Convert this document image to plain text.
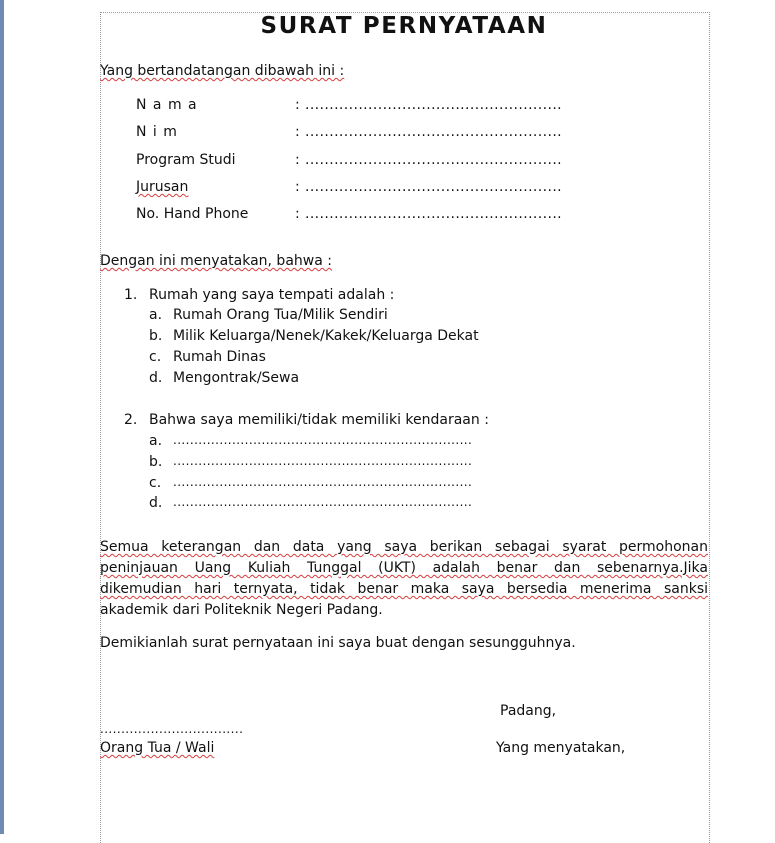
SURAT PERNYATAAN
Yang bertandatangan dibawah ini :
N a m a	: .....................................................
N i m	: .....................................................
Program Studi	: .....................................................
Jurusan	: .....................................................
No. Hand Phone	: .....................................................
Dengan ini menyatakan, bahwa :
1. Rumah yang saya tempati adalah :
a. Rumah Orang Tua/Milik Sendiri
b. Milik Keluarga/Nenek/Kakek/Keluarga Dekat
c. Rumah Dinas
d. Mengontrak/Sewa
2. Bahwa saya memiliki/tidak memiliki kendaraan :
a. .......................................................................
b. .......................................................................
c. .......................................................................
d. .......................................................................
Semua keterangan dan data yang saya berikan sebagai syarat permohonan
peninjauan Uang Kuliah Tunggal (UKT) adalah benar dan sebenarnya.Jika
dikemudian hari ternyata, tidak benar maka saya bersedia menerima sanksi
akademik dari Politeknik Negeri Padang.
Demikianlah surat pernyataan ini saya buat dengan sesungguhnya.
Padang,
..................................
Orang Tua / Wali	Yang menyatakan,
